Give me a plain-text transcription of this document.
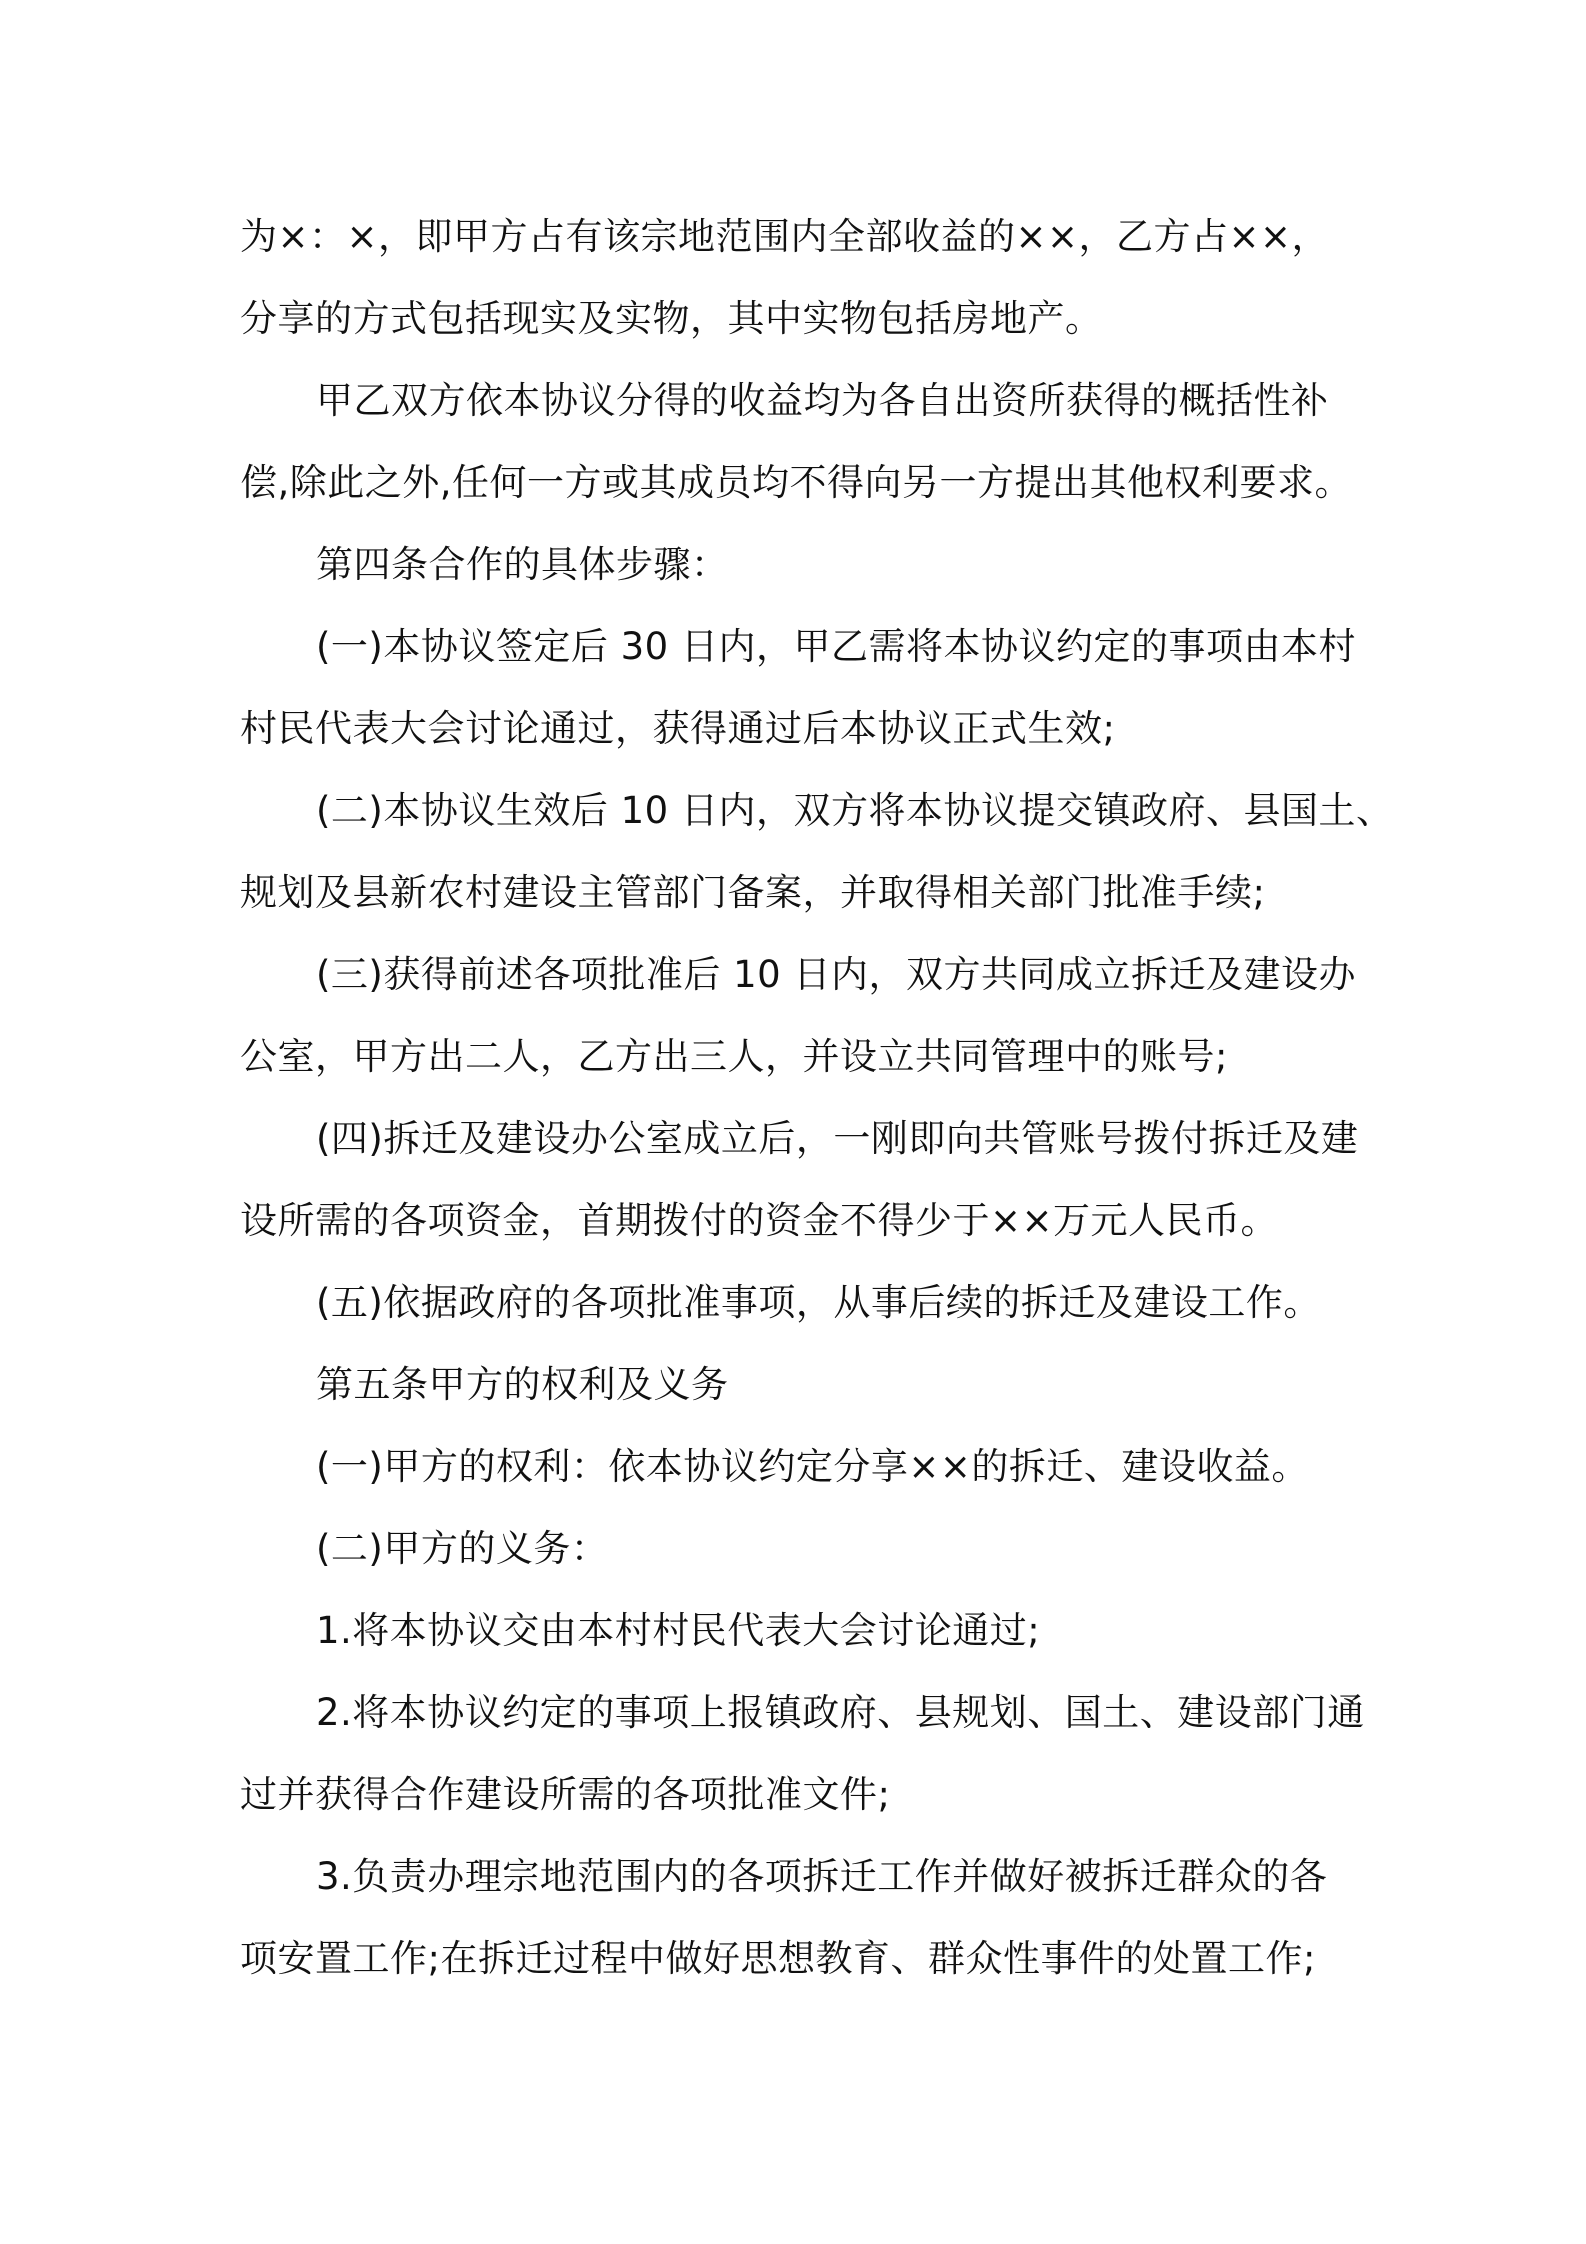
为×：×，即甲方占有该宗地范围内全部收益的××，乙方占××，
分享的方式包括现实及实物，其中实物包括房地产。
甲乙双方依本协议分得的收益均为各自出资所获得的概括性补
偿,除此之外,任何一方或其成员均不得向另一方提出其他权利要求。
第四条合作的具体步骤：
(一)本协议签定后 30 日内，甲乙需将本协议约定的事项由本村
村民代表大会讨论通过，获得通过后本协议正式生效;
(二)本协议生效后 10 日内，双方将本协议提交镇政府、县国土、
规划及县新农村建设主管部门备案，并取得相关部门批准手续;
(三)获得前述各项批准后 10 日内，双方共同成立拆迁及建设办
公室，甲方出二人，乙方出三人，并设立共同管理中的账号;
(四)拆迁及建设办公室成立后，一刚即向共管账号拨付拆迁及建
设所需的各项资金，首期拨付的资金不得少于××万元人民币。
(五)依据政府的各项批准事项，从事后续的拆迁及建设工作。
第五条甲方的权利及义务
(一)甲方的权利：依本协议约定分享××的拆迁、建设收益。
(二)甲方的义务：
1.将本协议交由本村村民代表大会讨论通过;
2.将本协议约定的事项上报镇政府、县规划、国土、建设部门通
过并获得合作建设所需的各项批准文件;
3.负责办理宗地范围内的各项拆迁工作并做好被拆迁群众的各
项安置工作;在拆迁过程中做好思想教育、群众性事件的处置工作;
